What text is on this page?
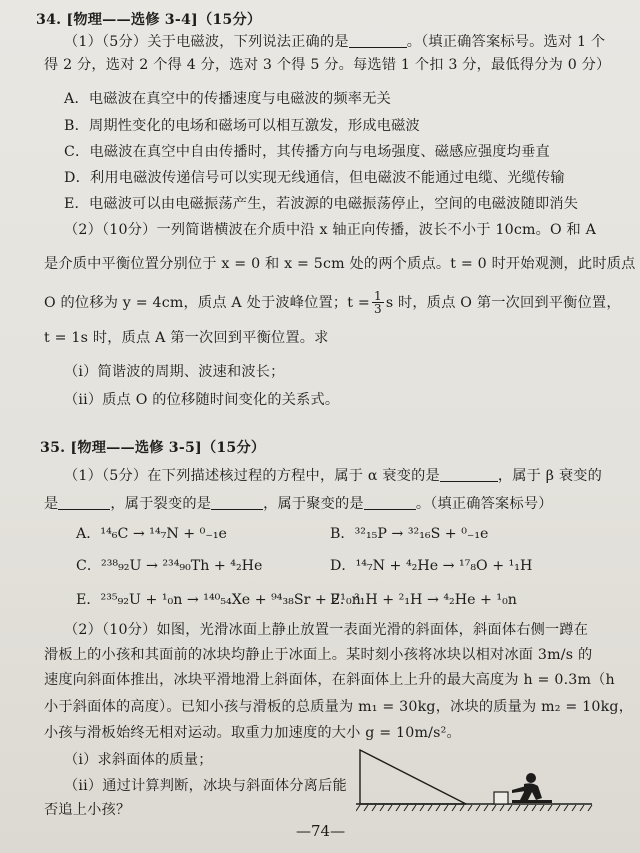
34. [物理——选修 3-4]（15分）
（1）（5分）关于电磁波，下列说法正确的是	。（填正确答案标号。选对 1 个
得 2 分，选对 2 个得 4 分，选对 3 个得 5 分。每选错 1 个扣 3 分，最低得分为 0 分）
A．电磁波在真空中的传播速度与电磁波的频率无关
B．周期性变化的电场和磁场可以相互激发，形成电磁波
C．电磁波在真空中自由传播时，其传播方向与电场强度、磁感应强度均垂直
D．利用电磁波传递信号可以实现无线通信，但电磁波不能通过电缆、光缆传输
E．电磁波可以由电磁振荡产生，若波源的电磁振荡停止，空间的电磁波随即消失
（2）（10分）一列简谐横波在介质中沿 x 轴正向传播，波长不小于 10cm。O 和 A
是介质中平衡位置分别位于 x = 0 和 x = 5cm 处的两个质点。t = 0 时开始观测，此时质点
O 的位移为 y = 4cm，质点 A 处于波峰位置；$t = \frac{1}{3}$ s 时，质点 O 第一次回到平衡位置，
t = 1s 时，质点 A 第一次回到平衡位置。求
（i）简谐波的周期、波速和波长；
（ii）质点 O 的位移随时间变化的关系式。
35. [物理——选修 3-5]（15分）
（1）（5分）在下列描述核过程的方程中，属于 α 衰变的是	，属于 β 衰变的
是	，属于裂变的是	，属于聚变的是	。（填正确答案标号）
A．¹⁴₆C → ¹⁴₇N + ⁰₋₁e	B．³²₁₅P → ³²₁₆S + ⁰₋₁e
C．²³⁸₉₂U → ²³⁴₉₀Th + ⁴₂He	D．¹⁴₇N + ⁴₂He → ¹⁷₈O + ¹₁H
E．²³⁵₉₂U + ¹₀n → ¹⁴⁰₅₄Xe + ⁹⁴₃₈Sr + 2¹₀n
F．³₁H + ²₁H → ⁴₂He + ¹₀n
（2）（10分）如图，光滑冰面上静止放置一表面光滑的斜面体，斜面体右侧一蹲在
滑板上的小孩和其面前的冰块均静止于冰面上。某时刻小孩将冰块以相对冰面 3m/s 的
速度向斜面体推出，冰块平滑地滑上斜面体，在斜面体上上升的最大高度为 h = 0.3m（h
小于斜面体的高度）。已知小孩与滑板的总质量为 m₁ = 30kg，冰块的质量为 m₂ = 10kg，
小孩与滑板始终无相对运动。取重力加速度的大小 g = 10m/s²。
（i）求斜面体的质量；
（ii）通过计算判断，冰块与斜面体分离后能
否追上小孩？
—74—
